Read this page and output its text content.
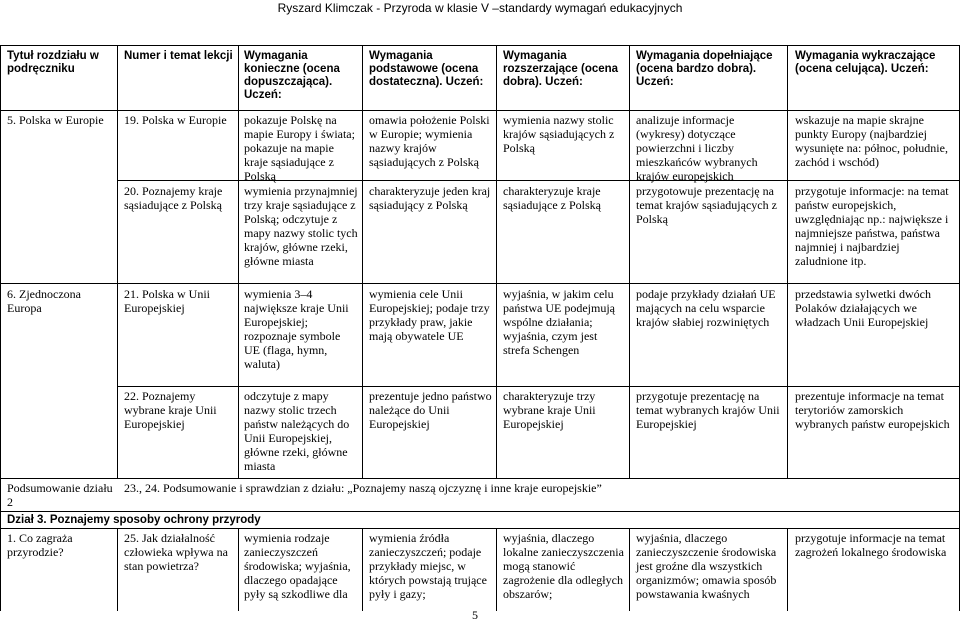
Ryszard Klimczak - Przyroda w klasie V –standardy wymagań edukacyjnych
Tytuł rozdziału w podręczniku
Numer i temat lekcji Wymagania konieczne (ocena dopuszczająca). Uczeń:
Wymagania podstawowe (ocena dostateczna). Uczeń:
Wymagania rozszerzające (ocena dobra). Uczeń:
Wymagania dopełniające (ocena bardzo dobra). Uczeń:
Wymagania wykraczające (ocena celująca). Uczeń:
5. Polska w Europie	19. Polska w Europie	pokazuje Polskę na mapie Europy i świata; pokazuje na mapie kraje sąsiadujące z Polską
omawia położenie Polski w Europie; wymienia nazwy krajów sąsiadujących z Polską
wymienia nazwy stolic krajów sąsiadujących z Polską
analizuje informacje (wykresy) dotyczące powierzchni i liczby mieszkańców wybranych krajów europejskich
wskazuje na mapie skrajne punkty Europy (najbardziej wysunięte na: północ, południe, zachód i wschód)
20. Poznajemy kraje sąsiadujące z Polską
wymienia przynajmniej trzy kraje sąsiadujące z Polską; odczytuje z mapy nazwy stolic tych krajów, główne rzeki, główne miasta
charakteryzuje jeden kraj sąsiadujący z Polską
charakteryzuje kraje sąsiadujące z Polską
przygotowuje prezentację na temat krajów sąsiadujących z Polską
przygotuje informacje: na temat państw europejskich, uwzględniając np.: największe i najmniejsze państwa, państwa najmniej i najbardziej zaludnione itp.
6. Zjednoczona Europa
21. Polska w Unii Europejskiej
wymienia 3–4 największe kraje Unii Europejskiej; rozpoznaje symbole UE (flaga, hymn, waluta)
wymienia cele Unii Europejskiej; podaje trzy przykłady praw, jakie mają obywatele UE
wyjaśnia, w jakim celu państwa UE podejmują wspólne działania; wyjaśnia, czym jest strefa Schengen
podaje przykłady działań UE mających na celu wsparcie krajów słabiej rozwiniętych
przedstawia sylwetki dwóch Polaków działających we władzach Unii Europejskiej
22. Poznajemy wybrane kraje Unii Europejskiej
odczytuje z mapy nazwy stolic trzech państw należących do Unii Europejskiej, główne rzeki, główne miasta
prezentuje jedno państwo należące do Unii Europejskiej
charakteryzuje trzy wybrane kraje Unii Europejskiej
przygotuje prezentację na temat wybranych krajów Unii Europejskiej
prezentuje informacje na temat terytoriów zamorskich wybranych państw europejskich
Podsumowanie działu 2
23., 24. Podsumowanie i sprawdzian z działu: „Poznajemy naszą ojczyznę i inne kraje europejskie”
Dział 3. Poznajemy sposoby ochrony przyrody
1. Co zagraża przyrodzie?
25. Jak działalność człowieka wpływa na stan powietrza?
wymienia rodzaje zanieczyszczeń środowiska; wyjaśnia, dlaczego opadające pyły są szkodliwe dla
wymienia źródła zanieczyszczeń; podaje przykłady miejsc, w których powstają trujące pyły i gazy;
wyjaśnia, dlaczego lokalne zanieczyszczenia mogą stanowić zagrożenie dla odległych obszarów;
wyjaśnia, dlaczego zanieczyszczenie środowiska jest groźne dla wszystkich organizmów; omawia sposób powstawania kwaśnych
przygotuje informacje na temat zagrożeń lokalnego środowiska
5
